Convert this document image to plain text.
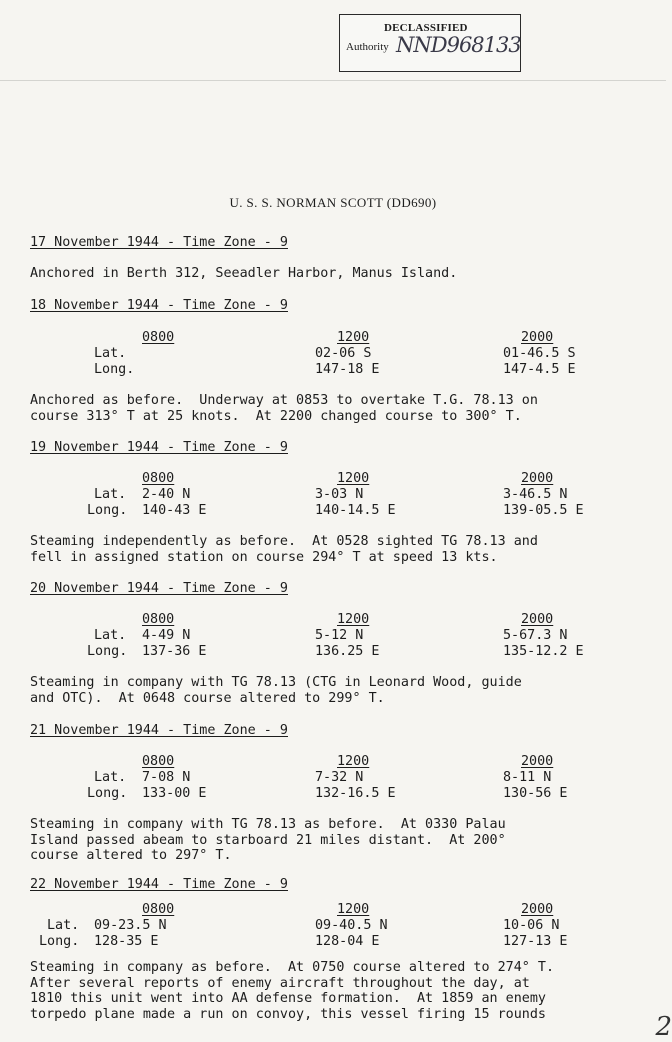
DECLASSIFIED
Authority NND968133
U. S. S. NORMAN SCOTT (DD690)
17 November 1944 - Time Zone - 9
Anchored in Berth 312, Seeadler Harbor, Manus Island.
18 November 1944 - Time Zone - 9
0800	1200	2000
Lat.	02-06 S	01-46.5 S
Long.	147-18 E	147-4.5 E
Anchored as before.  Underway at 0853 to overtake T.G. 78.13 on
course 313° T at 25 knots.  At 2200 changed course to 300° T.
19 November 1944 - Time Zone - 9
0800	1200	2000
Lat. 2-40 N	3-03 N	3-46.5 N
Long. 140-43 E	140-14.5 E	139-05.5 E
Steaming independently as before.  At 0528 sighted TG 78.13 and
fell in assigned station on course 294° T at speed 13 kts.
20 November 1944 - Time Zone - 9
0800	1200	2000
Lat. 4-49 N	5-12 N	5-67.3 N
Long. 137-36 E	136.25 E	135-12.2 E
Steaming in company with TG 78.13 (CTG in Leonard Wood, guide
and OTC).  At 0648 course altered to 299° T.
21 November 1944 - Time Zone - 9
0800	1200	2000
Lat. 7-08 N	7-32 N	8-11 N
Long. 133-00 E	132-16.5 E	130-56 E
Steaming in company with TG 78.13 as before.  At 0330 Palau
Island passed abeam to starboard 21 miles distant.  At 200°
course altered to 297° T.
22 November 1944 - Time Zone - 9
0800	1200	2000
Lat. 09-23.5 N	09-40.5 N	10-06 N
Long. 128-35 E	128-04 E	127-13 E
Steaming in company as before.  At 0750 course altered to 274° T.
After several reports of enemy aircraft throughout the day, at
1810 this unit went into AA defense formation.  At 1859 an enemy
torpedo plane made a run on convoy, this vessel firing 15 rounds	2
